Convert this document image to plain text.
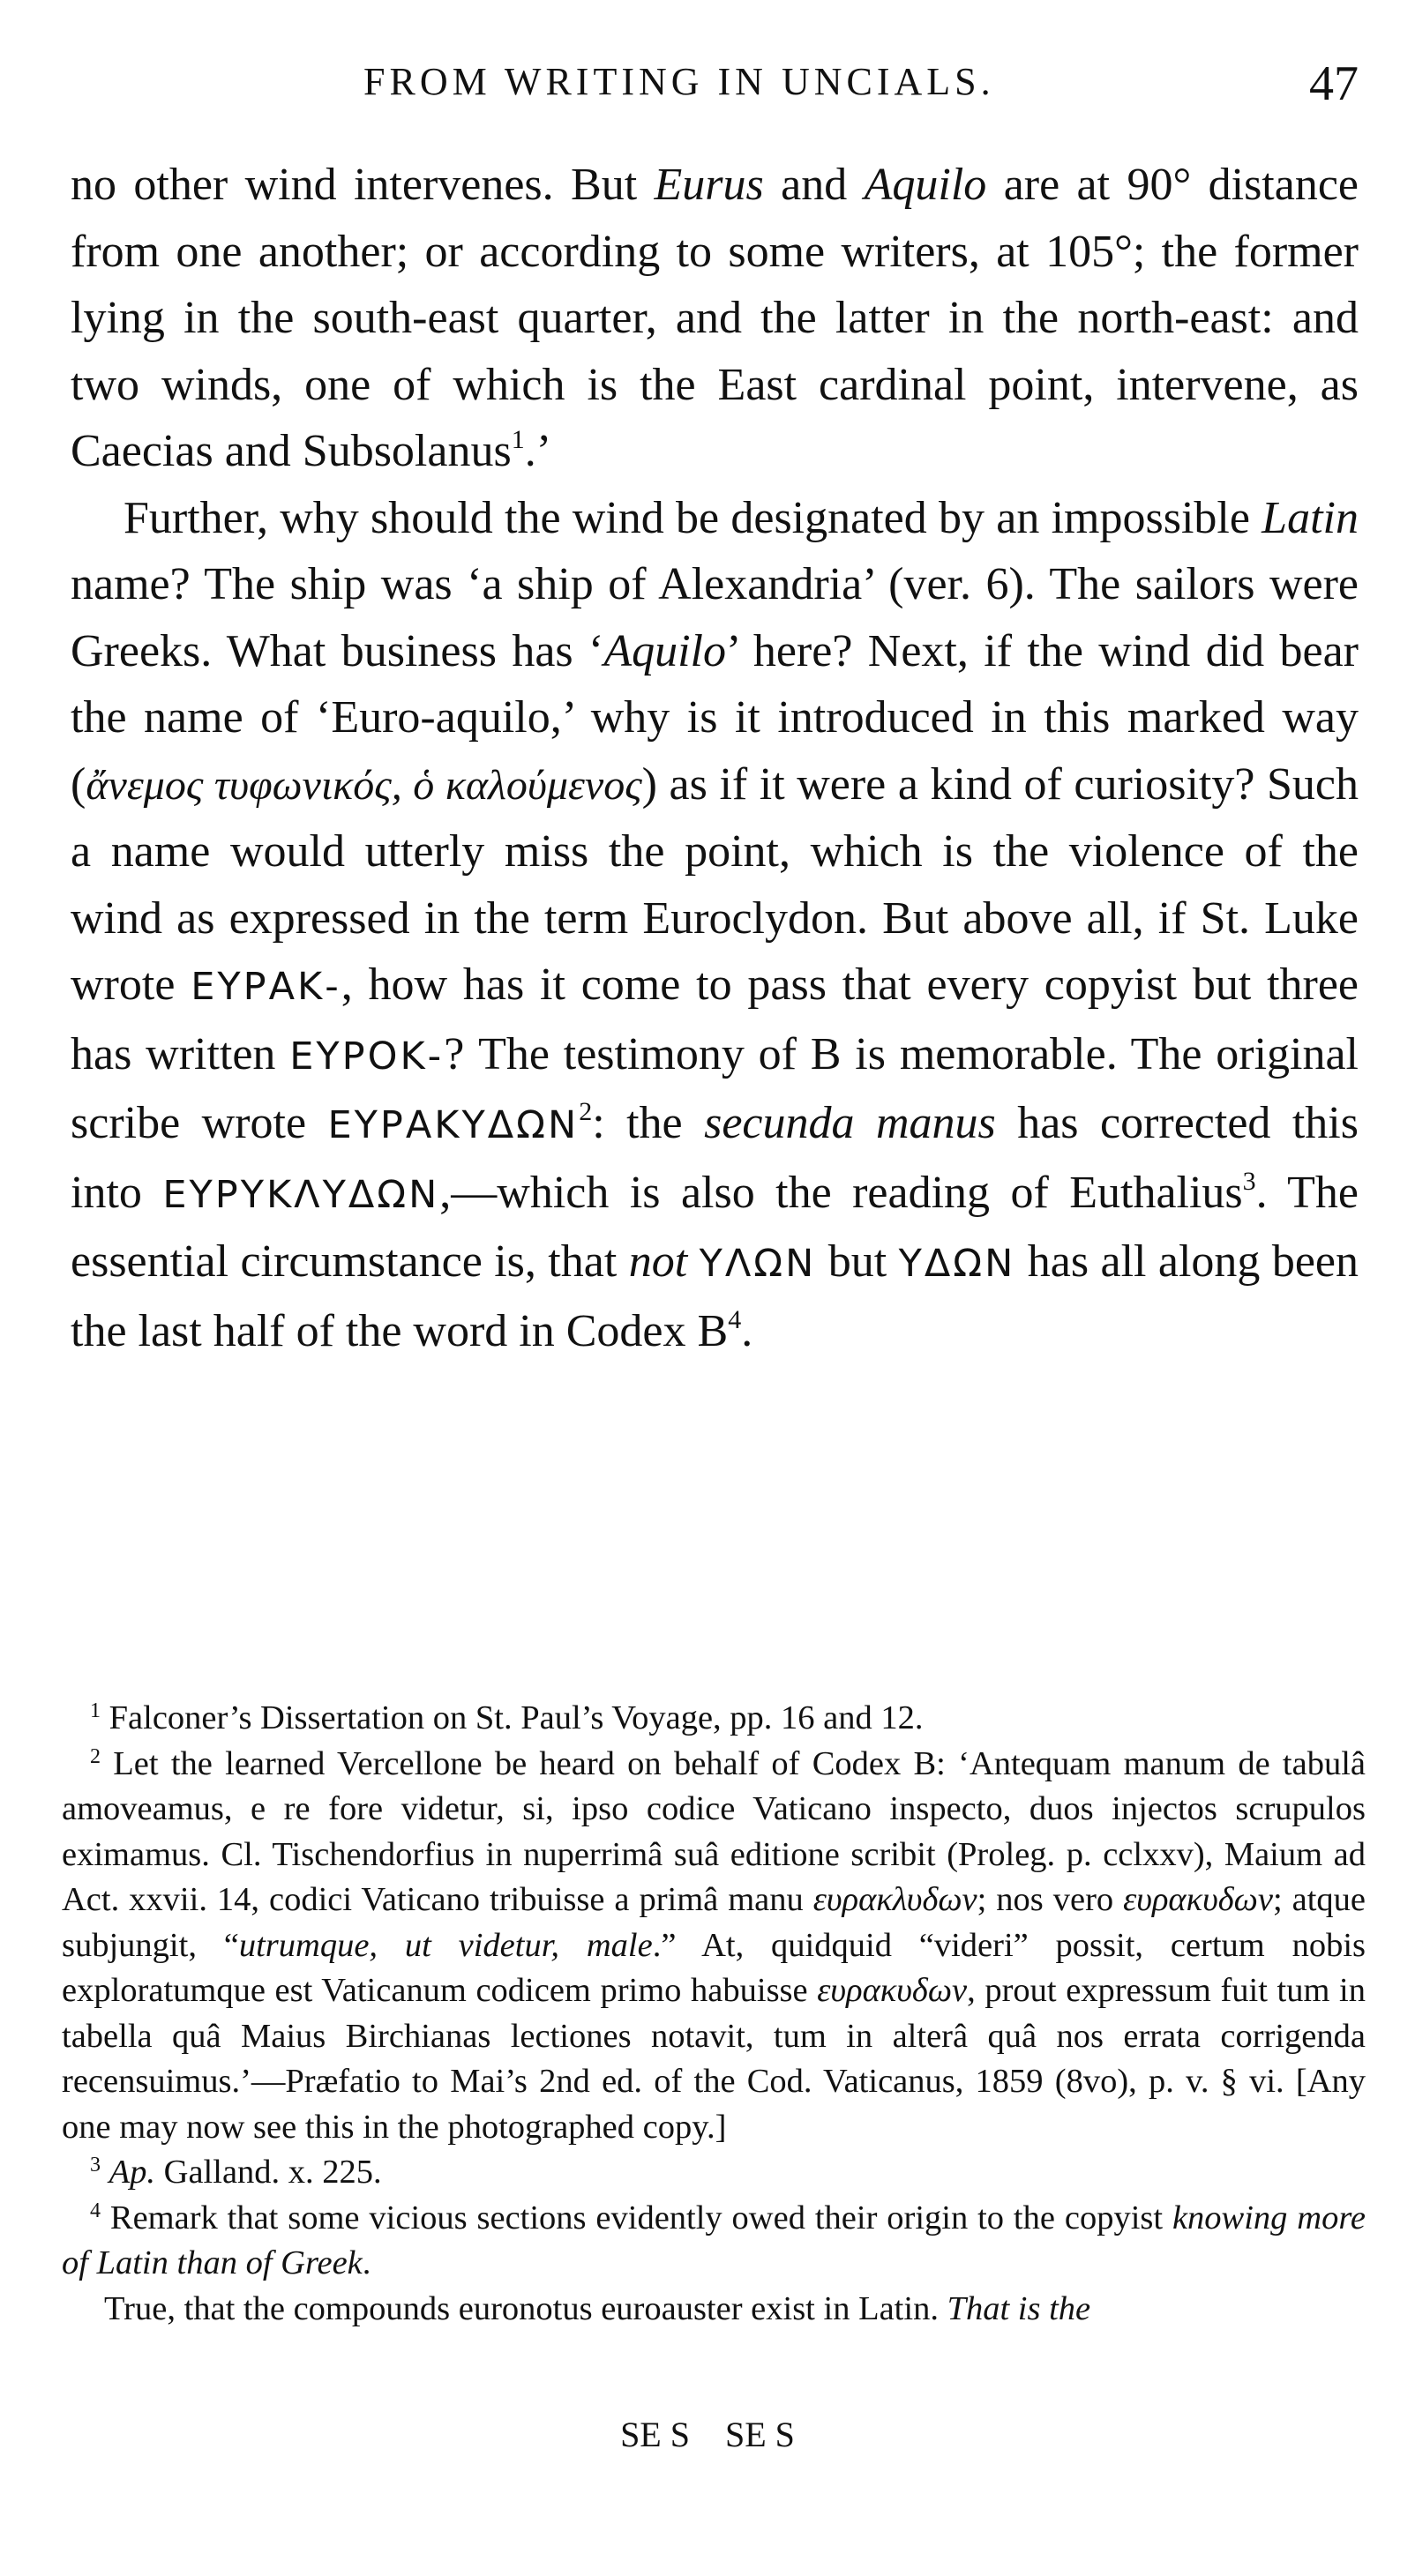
FROM WRITING IN UNCIALS.	47

no other wind intervenes. But Eurus and Aquilo are at 90° distance from one another; or according to some writers, at 105°; the former lying in the south-east quarter, and the latter in the north-east: and two winds, one of which is the East cardinal point, intervene, as Caecias and Subsolanus$^1$.’

Further, why should the wind be designated by an impossible Latin name? The ship was ‘a ship of Alexandria’ (ver. 6). The sailors were Greeks. What business has ‘Aquilo’ here? Next, if the wind did bear the name of ‘Euro-aquilo,’ why is it introduced in this marked way (ἄνεμος τυφωνικός, ὁ καλούμενος) as if it were a kind of curiosity? Such a name would utterly miss the point, which is the violence of the wind as expressed in the term Euroclydon. But above all, if St. Luke wrote ΕΥΡΑΚ-, how has it come to pass that every copyist but three has written ΕΥΡΟΚ-? The testimony of B is memorable. The original scribe wrote ΕΥΡΑΚΥΔΩΝ$^2$: the secunda manus has corrected this into ΕΥΡΥΚΛΥΔΩΝ,—which is also the reading of Euthalius$^3$. The essential circumstance is, that not ΥΛΩΝ but ΥΔΩΝ has all along been the last half of the word in Codex $B^4$.

$^1$ Falconer’s Dissertation on St. Paul’s Voyage, pp. 16 and 12.

$^2$ Let the learned Vercellone be heard on behalf of Codex B: ‘Antequam manum de tabulâ amoveamus, e re fore videtur, si, ipso codice Vaticano inspecto, duos injectos scrupulos eximamus. Cl. Tischendorfius in nuperrimâ suâ editione scribit (Proleg. p. cclxxv), Maium ad Act. xxvii. 14, codici Vaticano tribuisse a primâ manu ευρακλυδων; nos vero ευρακυδων; atque subjungit, “utrumque, ut videtur, male.” At, quidquid “videri” possit, certum nobis exploratumque est Vaticanum codicem primo habuisse ευρακυδων, prout expressum fuit tum in tabella quâ Maius Birchianas lectiones notavit, tum in alterâ quâ nos errata corrigenda recensuimus.’—Præfatio to Mai’s 2nd ed. of the Cod. Vaticanus, 1859 (8vo), p. v. § vi. [Any one may now see this in the photographed copy.]

$^3$ Ap. Galland. x. 225.

$^4$ Remark that some vicious sections evidently owed their origin to the copyist knowing more of Latin than of Greek.

True, that the compounds euronotus euroauster exist in Latin. That is the

SE S    SE S
